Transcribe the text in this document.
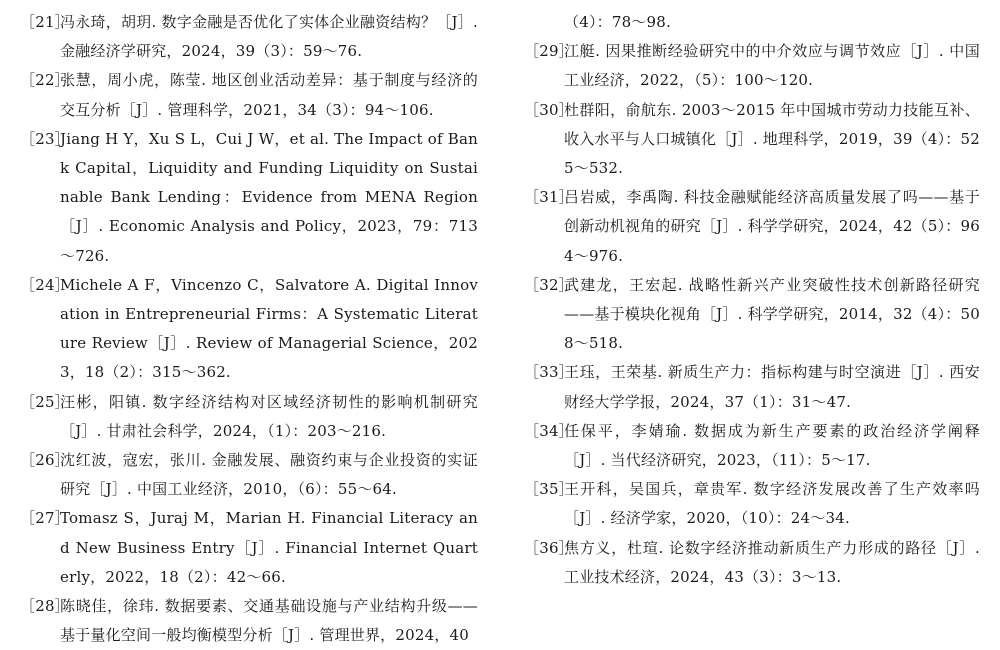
［21］
冯永琦，胡玥. 数字金融是否优化了实体企业融资结构？［J］. 金融经济学研究，2024，39（3）：59～76.
［22］
张慧，周小虎，陈莹. 地区创业活动差异：基于制度与经济的交互分析［J］. 管理科学，2021，34（3）：94～106.
［23］
Jiang H Y，Xu S L，Cui J W，et al. The Impact of Bank Capital，Liquidity and Funding Liquidity on Sustainable Bank Lending：Evidence from MENA Region［J］. Economic Analysis and Policy，2023，79：713～726.
［24］
Michele A F，Vincenzo C，Salvatore A. Digital Innovation in Entrepreneurial Firms：A Systematic Literature Review［J］. Review of Managerial Science，2023，18（2）：315～362.
［25］
汪彬，阳镇. 数字经济结构对区域经济韧性的影响机制研究［J］. 甘肃社会科学，2024，（1）：203～216.
［26］
沈红波，寇宏，张川. 金融发展、融资约束与企业投资的实证研究［J］. 中国工业经济，2010，（6）：55～64.
［27］
Tomasz S，Juraj M，Marian H. Financial Literacy and New Business Entry［J］. Financial Internet Quarterly，2022，18（2）：42～66.
［28］
陈晓佳，徐玮. 数据要素、交通基础设施与产业结构升级——基于量化空间一般均衡模型分析［J］. 管理世界，2024，40
（4）：78～98.
［29］
江艇. 因果推断经验研究中的中介效应与调节效应［J］. 中国工业经济，2022，（5）：100～120.
［30］
杜群阳，俞航东. 2003～2015 年中国城市劳动力技能互补、收入水平与人口城镇化［J］. 地理科学，2019，39（4）：525～532.
［31］
吕岩威，李禹陶. 科技金融赋能经济高质量发展了吗——基于创新动机视角的研究［J］. 科学学研究，2024，42（5）：964～976.
［32］
武建龙，王宏起. 战略性新兴产业突破性技术创新路径研究——基于模块化视角［J］. 科学学研究，2014，32（4）：508～518.
［33］
王珏，王荣基. 新质生产力：指标构建与时空演进［J］. 西安财经大学学报，2024，37（1）：31～47.
［34］
任保平，李婧瑜. 数据成为新生产要素的政治经济学阐释［J］. 当代经济研究，2023，（11）：5～17.
［35］
王开科，吴国兵，章贵军. 数字经济发展改善了生产效率吗［J］. 经济学家，2020，（10）：24～34.
［36］
焦方义，杜瑄. 论数字经济推动新质生产力形成的路径［J］. 工业技术经济，2024，43（3）：3～13.
